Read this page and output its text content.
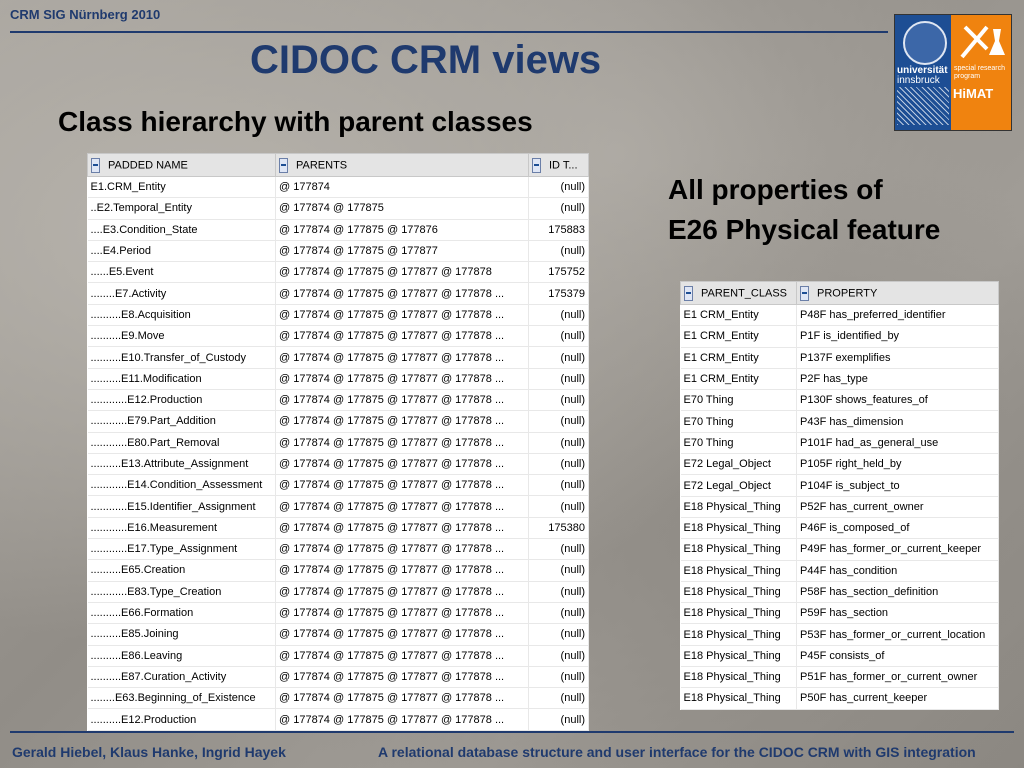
CRM SIG Nürnberg 2010
universität
innsbruck
special research
program
HiMAT
CIDOC CRM views
Class hierarchy with parent classes
PADDED NAME	PARENTS	ID T...
E1.CRM_Entity	@ 177874	(null)
..E2.Temporal_Entity	@ 177874 @ 177875	(null)
....E3.Condition_State	@ 177874 @ 177875 @ 177876	175883
....E4.Period	@ 177874 @ 177875 @ 177877	(null)
......E5.Event	@ 177874 @ 177875 @ 177877 @ 177878	175752
........E7.Activity	@ 177874 @ 177875 @ 177877 @ 177878 ...	175379
..........E8.Acquisition	@ 177874 @ 177875 @ 177877 @ 177878 ...	(null)
..........E9.Move	@ 177874 @ 177875 @ 177877 @ 177878 ...	(null)
..........E10.Transfer_of_Custody	@ 177874 @ 177875 @ 177877 @ 177878 ...	(null)
..........E11.Modification	@ 177874 @ 177875 @ 177877 @ 177878 ...	(null)
............E12.Production	@ 177874 @ 177875 @ 177877 @ 177878 ...	(null)
............E79.Part_Addition	@ 177874 @ 177875 @ 177877 @ 177878 ...	(null)
............E80.Part_Removal	@ 177874 @ 177875 @ 177877 @ 177878 ...	(null)
..........E13.Attribute_Assignment	@ 177874 @ 177875 @ 177877 @ 177878 ...	(null)
............E14.Condition_Assessment	@ 177874 @ 177875 @ 177877 @ 177878 ...	(null)
............E15.Identifier_Assignment	@ 177874 @ 177875 @ 177877 @ 177878 ...	(null)
............E16.Measurement	@ 177874 @ 177875 @ 177877 @ 177878 ...	175380
............E17.Type_Assignment	@ 177874 @ 177875 @ 177877 @ 177878 ...	(null)
..........E65.Creation	@ 177874 @ 177875 @ 177877 @ 177878 ...	(null)
............E83.Type_Creation	@ 177874 @ 177875 @ 177877 @ 177878 ...	(null)
..........E66.Formation	@ 177874 @ 177875 @ 177877 @ 177878 ...	(null)
..........E85.Joining	@ 177874 @ 177875 @ 177877 @ 177878 ...	(null)
..........E86.Leaving	@ 177874 @ 177875 @ 177877 @ 177878 ...	(null)
..........E87.Curation_Activity	@ 177874 @ 177875 @ 177877 @ 177878 ...	(null)
........E63.Beginning_of_Existence	@ 177874 @ 177875 @ 177877 @ 177878 ...	(null)
..........E12.Production	@ 177874 @ 177875 @ 177877 @ 177878 ...	(null)
All properties of
E26 Physical feature
PARENT_CLASS	PROPERTY
E1 CRM_Entity	P48F has_preferred_identifier
E1 CRM_Entity	P1F is_identified_by
E1 CRM_Entity	P137F exemplifies
E1 CRM_Entity	P2F has_type
E70 Thing	P130F shows_features_of
E70 Thing	P43F has_dimension
E70 Thing	P101F had_as_general_use
E72 Legal_Object	P105F right_held_by
E72 Legal_Object	P104F is_subject_to
E18 Physical_Thing	P52F has_current_owner
E18 Physical_Thing	P46F is_composed_of
E18 Physical_Thing	P49F has_former_or_current_keeper
E18 Physical_Thing	P44F has_condition
E18 Physical_Thing	P58F has_section_definition
E18 Physical_Thing	P59F has_section
E18 Physical_Thing	P53F has_former_or_current_location
E18 Physical_Thing	P45F consists_of
E18 Physical_Thing	P51F has_former_or_current_owner
E18 Physical_Thing	P50F has_current_keeper
Gerald Hiebel, Klaus Hanke, Ingrid Hayek	A relational database structure and user interface for the CIDOC CRM with GIS integration
